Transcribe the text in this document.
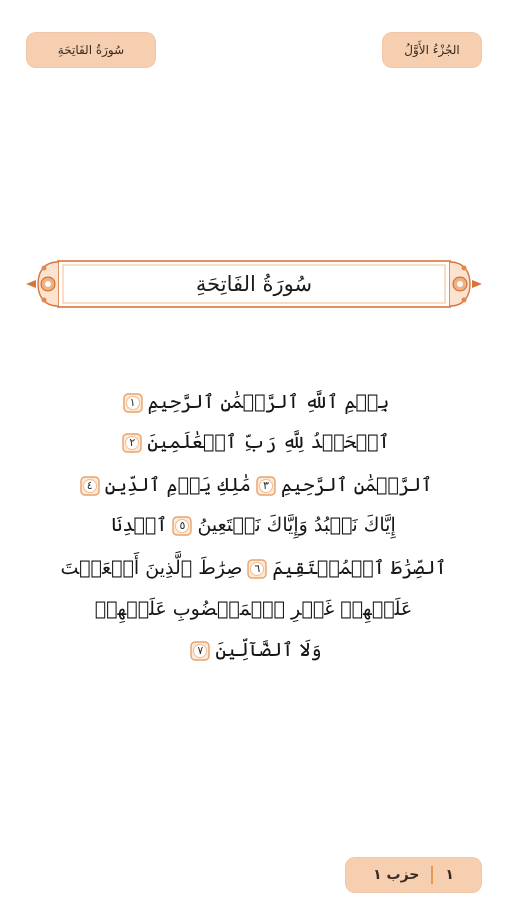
سُورَةُ الفَاتِحَةِ	الجُزْءُ الأَوَّلُ
سُورَةُ الفَاتِحَةِ
بِسۡمِ ٱللَّهِ ٱلرَّحۡمَٰنِ ٱلرَّحِيمِ
١
ٱلۡحَمۡدُ لِلَّهِ رَبِّ ٱلۡعَٰلَمِينَ
٢
ٱلرَّحۡمَٰنِ ٱلرَّحِيمِ
٣
مَٰلِكِ يَوۡمِ ٱلدِّينِ
٤
إِيَّاكَ نَعۡبُدُ وَإِيَّاكَ نَسۡتَعِينُ
٥
ٱهۡدِنَا
ٱلصِّرَٰطَ ٱلۡمُسۡتَقِيمَ
٦
صِرَٰطَ ٱلَّذِينَ أَنۡعَمۡتَ
عَلَيۡهِمۡ غَيۡرِ ٱلۡمَغۡضُوبِ عَلَيۡهِمۡ
وَلَا ٱلضَّآلِّينَ
٧
حزب ١ ١
